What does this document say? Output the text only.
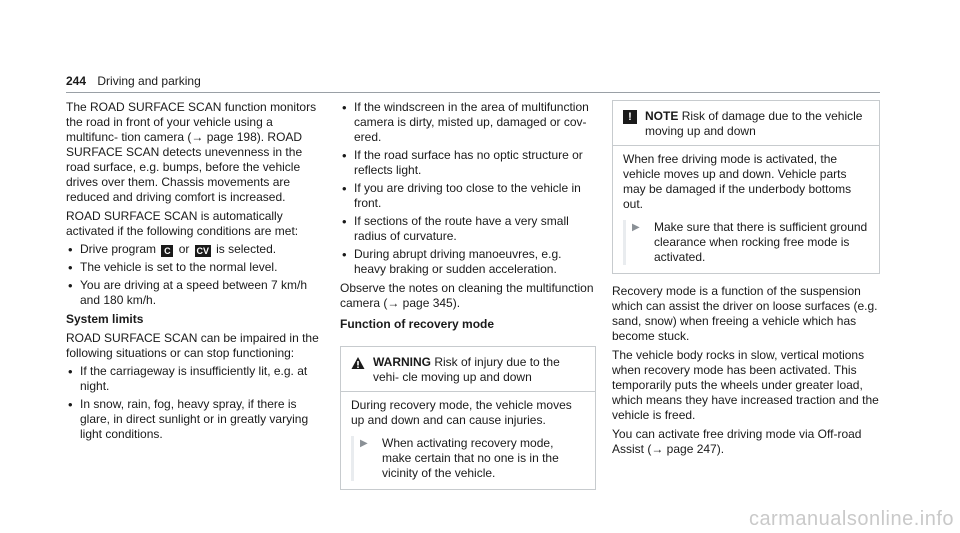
244 Driving and parking

The ROAD SURFACE SCAN function monitors the road in front of your vehicle using a multifunc- tion camera (→ page 198). ROAD SURFACE SCAN detects unevenness in the road surface, e.g. bumps, before the vehicle drives over them. Chassis movements are reduced and driving comfort is increased.

ROAD SURFACE SCAN is automatically activated if the following conditions are met:

• Drive program C or CV is selected.
• The vehicle is set to the normal level.
• You are driving at a speed between 7 km/h and 180 km/h.

System limits

ROAD SURFACE SCAN can be impaired in the following situations or can stop functioning:

• If the carriageway is insufficiently lit, e.g. at night.
• In snow, rain, fog, heavy spray, if there is glare, in direct sunlight or in greatly varying light conditions.
• If the windscreen in the area of multifunction camera is dirty, misted up, damaged or cov- ered.
• If the road surface has no optic structure or reflects light.
• If you are driving too close to the vehicle in front.
• If sections of the route have a very small radius of curvature.
• During abrupt driving manoeuvres, e.g. heavy braking or sudden acceleration.

Observe the notes on cleaning the multifunction camera (→ page 345).

Function of recovery mode

WARNING Risk of injury due to the vehi- cle moving up and down

During recovery mode, the vehicle moves up and down and can cause injuries.

▶	When activating recovery mode, make certain that no one is in the vicinity of the vehicle.
!	NOTE Risk of damage due to the vehicle moving up and down

When free driving mode is activated, the vehicle moves up and down. Vehicle parts may be damaged if the underbody bottoms out.

▶	Make sure that there is sufficient ground clearance when rocking free mode is activated.

Recovery mode is a function of the suspension which can assist the driver on loose surfaces (e.g. sand, snow) when freeing a vehicle which has become stuck.

The vehicle body rocks in slow, vertical motions when recovery mode has been activated. This temporarily puts the wheels under greater load, which means they have increased traction and the vehicle is freed.

You can activate free driving mode via Off-road Assist (→ page 247).

carmanualsonline.info
